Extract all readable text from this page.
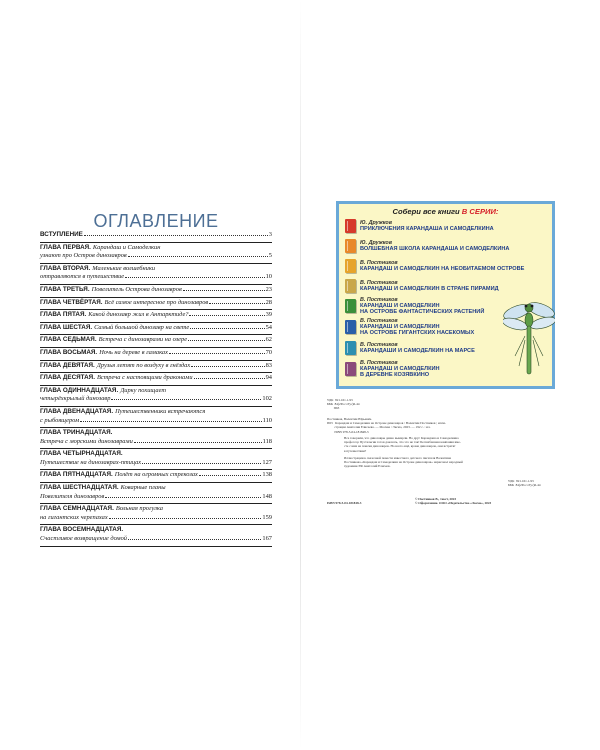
ОГЛАВЛЕНИЕ
ВСТУПЛЕНИЕ	3
ГЛАВА ПЕРВАЯ. Карандаш и Самоделкин
узнают про Остров динозавров	5
ГЛАВА ВТОРАЯ. Маленькие волшебники
отправляются в путешествие	10
ГЛАВА ТРЕТЬЯ. Повелитель Острова динозавров	23
ГЛАВА ЧЕТВЁРТАЯ. Всё самое интересное про динозавров	28
ГЛАВА ПЯТАЯ. Какой динозавр жил в Антарктиде?	39
ГЛАВА ШЕСТАЯ. Самый большой динозавр на свете	54
ГЛАВА СЕДЬМАЯ. Встреча с динозаврами на озере	62
ГЛАВА ВОСЬМАЯ. Ночь на дереве в гамаках	70
ГЛАВА ДЕВЯТАЯ. Друзья летят по воздуху в гнёздах	83
ГЛАВА ДЕСЯТАЯ. Встреча с настоящими драконами	94
ГЛАВА ОДИННАДЦАТАЯ. Дирку похищает
четырёхкрылый динозавр	102
ГЛАВА ДВЕНАДЦАТАЯ. Путешественники встречаются
с рыбоящером	110
ГЛАВА ТРИНАДЦАТАЯ.
Встреча с морскими динозаврами	118
ГЛАВА ЧЕТЫРНАДЦАТАЯ.
Путешествие на динозаврах-птицах	127
ГЛАВА ПЯТНАДЦАТАЯ. Полёт на огромных стрекозах	138
ГЛАВА ШЕСТНАДЦАТАЯ. Коварные планы
Повелителя динозавров	148
ГЛАВА СЕМНАДЦАТАЯ. Вольная прогулка
на гигантских черепахах	159
ГЛАВА ВОСЕМНАДЦАТАЯ.
Счастливое возвращение домой	167
Собери все книги В СЕРИИ:
Ю. Дружков
ПРИКЛЮЧЕНИЯ КАРАНДАША И САМОДЕЛКИНА
Ю. Дружков
ВОЛШЕБНАЯ ШКОЛА КАРАНДАША И САМОДЕЛКИНА
В. Постников
КАРАНДАШ И САМОДЕЛКИН НА НЕОБИТАЕМОМ ОСТРОВЕ
В. Постников
КАРАНДАШ И САМОДЕЛКИН В СТРАНЕ ПИРАМИД
В. Постников
КАРАНДАШ И САМОДЕЛКИН
НА ОСТРОВЕ ФАНТАСТИЧЕСКИХ РАСТЕНИЙ
В. Постников
КАРАНДАШ И САМОДЕЛКИН
НА ОСТРОВЕ ГИГАНТСКИХ НАСЕКОМЫХ
В. Постников
КАРАНДАШИ И САМОДЕЛКИН НА МАРСЕ
В. Постников
КАРАНДАШ И САМОДЕЛКИН
В ДЕРЕВНЕ КОЗЯВКИНО
УДК  821.161.1-93
ББК  84(2Рос=Рус)6-44
П63
Постников, Валентин Юрьевич.
П63   Карандаш и Самоделкин на Острове динозавров / Валентин Постников ; илли-
страции Анатолия Елисеева. — Москва : Эксмо, 2023. — 192 с. : ил.
ISBN 978-5-04-181848-3
Все говорили, что динозавры давно вымерли. Но друг Карандашa и Самоделкина
профессор Пустельгин готов доказать, что это не так! Бесшабашная компания вме-
сте с ним на поиски динозавров. Но всего ещё, кроме динозавров, они встретят
в путешествии?
Иллюстрации к сказочной повести известного детского писателя Валентина
Постникова «Карандаш и Самоделкин на Острове динозавров» нарисовал народный
художник РФ Анатолий Елисеев.
УДК  821.161.1-93
ББК  84(2Рос=Рус)6-44
ISBN 978-5-04-181848-3
© Постников В., текст, 2023
© Оформление. ООО «Издательство «Эксмо», 2023
